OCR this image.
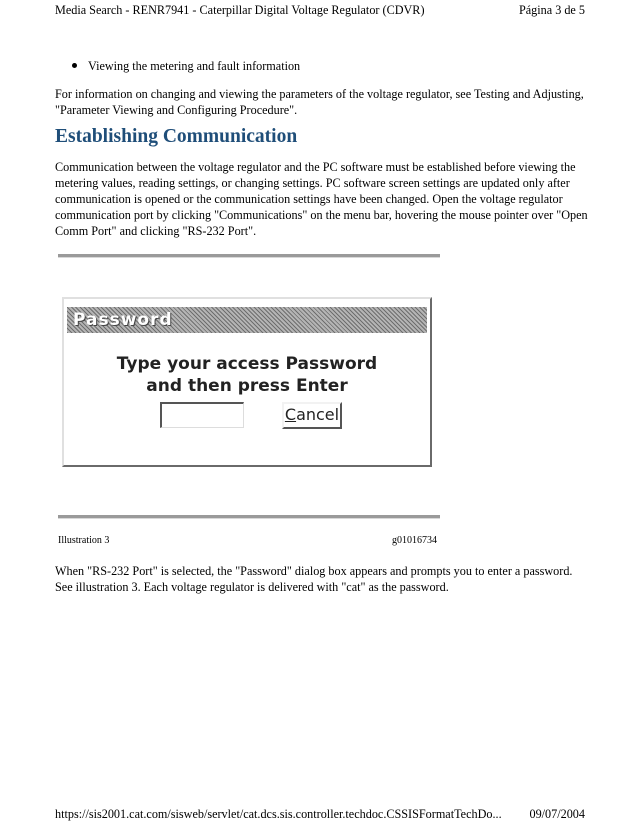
Media Search - RENR7941 - Caterpillar Digital Voltage Regulator (CDVR)	Página 3 de 5
Viewing the metering and fault information

For information on changing and viewing the parameters of the voltage regulator, see Testing and Adjusting, "Parameter Viewing and Configuring Procedure".

Establishing Communication

Communication between the voltage regulator and the PC software must be established before viewing the metering values, reading settings, or changing settings. PC software screen settings are updated only after communication is opened or the communication settings have been changed. Open the voltage regulator communication port by clicking "Communications" on the menu bar, hovering the mouse pointer over "Open Comm Port" and clicking "RS-232 Port".

Password
Type your access Password
and then press Enter
Cancel
Illustration 3	g01016734

When "RS-232 Port" is selected, the "Password" dialog box appears and prompts you to enter a password. See illustration 3. Each voltage regulator is delivered with "cat" as the password.

https://sis2001.cat.com/sisweb/servlet/cat.dcs.sis.controller.techdoc.CSSISFormatTechDo... 09/07/2004
